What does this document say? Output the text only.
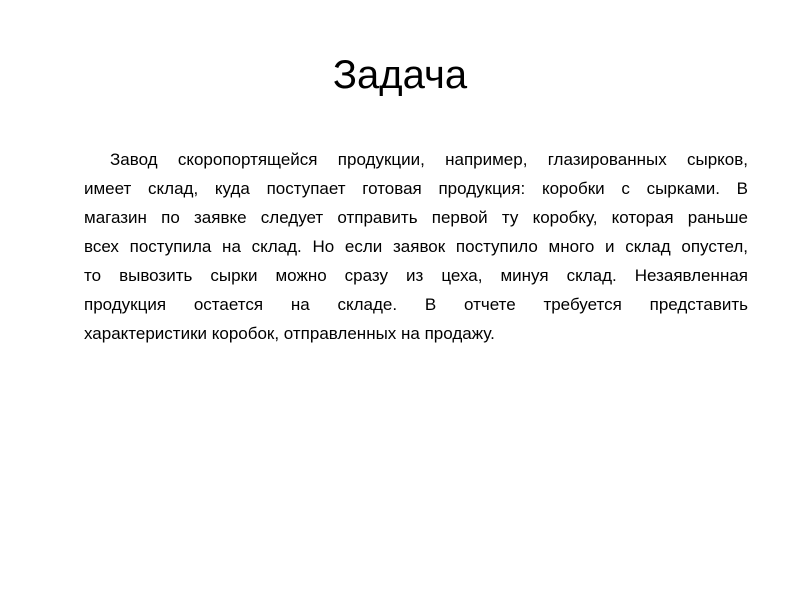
Задача
Завод скоропортящейся продукции, например, глазированных сырков,
имеет склад, куда поступает готовая продукция: коробки с сырками. В
магазин по заявке следует отправить первой ту коробку, которая раньше
всех поступила на склад. Но если заявок поступило много и склад опустел,
то вывозить сырки можно сразу из цеха, минуя склад. Незаявленная
продукция остается на складе. В отчете требуется представить
характеристики коробок, отправленных на продажу.
